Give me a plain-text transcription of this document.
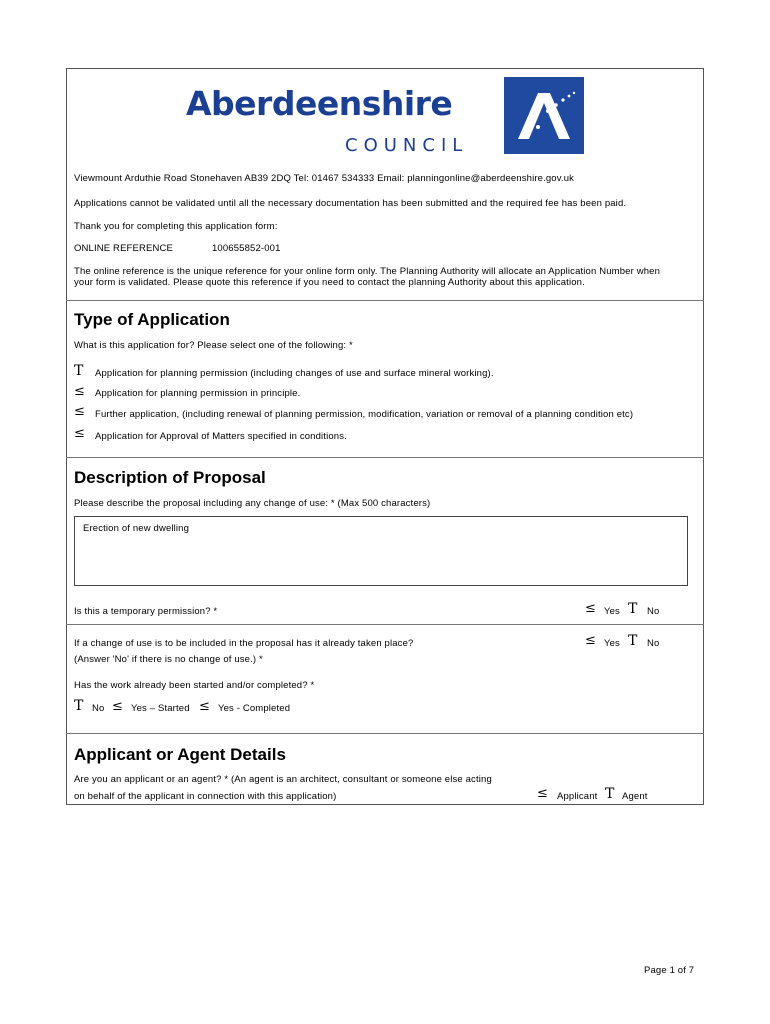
Aberdeenshire
COUNCIL
Viewmount Arduthie Road Stonehaven AB39 2DQ Tel: 01467 534333 Email: planningonline@aberdeenshire.gov.uk
Applications cannot be validated until all the necessary documentation has been submitted and the required fee has been paid.
Thank you for completing this application form:
ONLINE REFERENCE	100655852-001
The online reference is the unique reference for your online form only. The Planning Authority will allocate an Application Number when
your form is validated. Please quote this reference if you need to contact the planning Authority about this application.
Type of Application
What is this application for? Please select one of the following: *
T Application for planning permission (including changes of use and surface mineral working).
≤ Application for planning permission in principle.
≤ Further application, (including renewal of planning permission, modification, variation or removal of a planning condition etc)
≤ Application for Approval of Matters specified in conditions.
Description of Proposal
Please describe the proposal including any change of use: * (Max 500 characters)
Erection of new dwelling
Is this a temporary permission? *	≤ Yes T No
If a change of use is to be included in the proposal has it already taken place?
(Answer 'No' if there is no change of use.) *
≤ Yes T No
Has the work already been started and/or completed? *
T No ≤ Yes – Started ≤ Yes - Completed
Applicant or Agent Details
Are you an applicant or an agent? * (An agent is an architect, consultant or someone else acting
on behalf of the applicant in connection with this application)	≤ Applicant T Agent
Page 1 of 7
